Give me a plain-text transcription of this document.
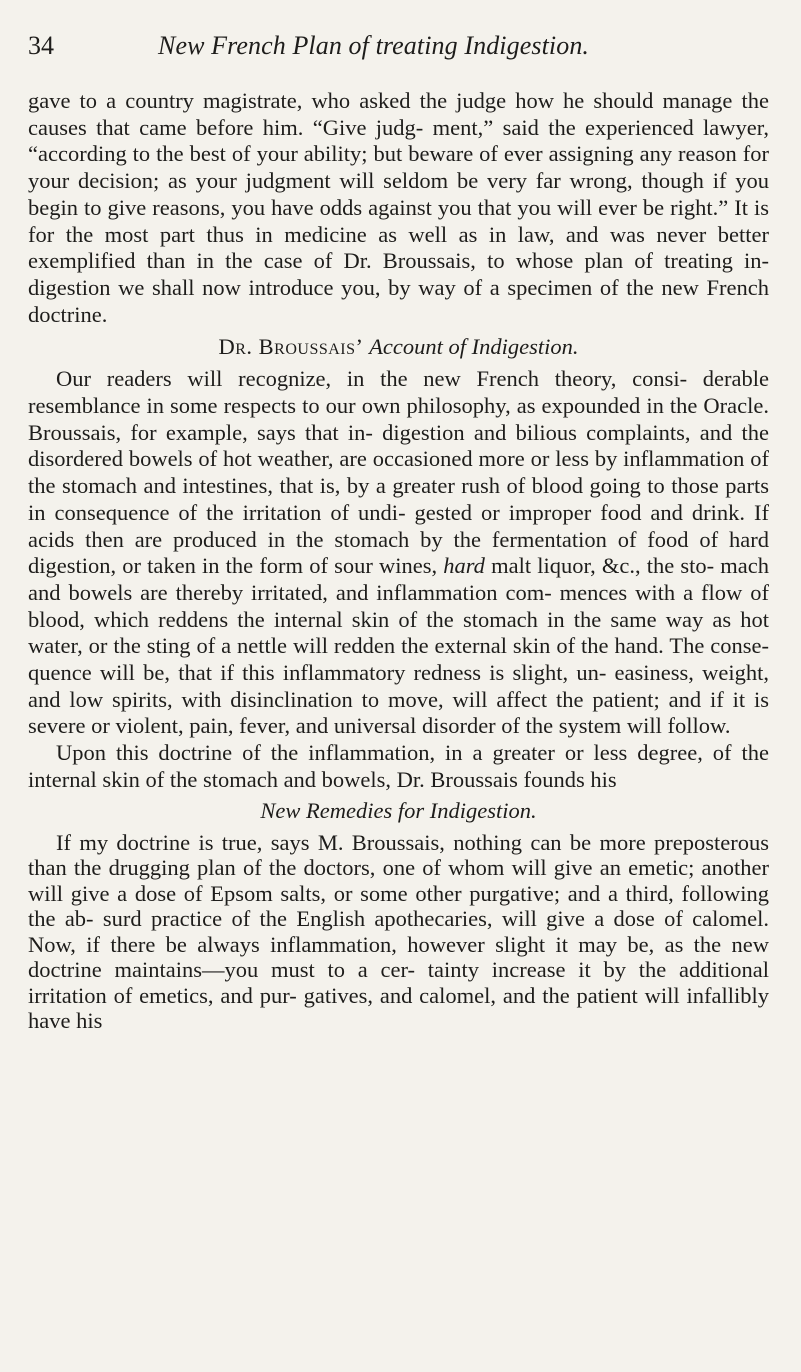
34	New French Plan of treating Indigestion.

gave to a country magistrate, who asked the judge how he should manage the causes that came before him. “Give judg- ment,” said the experienced lawyer, “according to the best of your ability; but beware of ever assigning any reason for your decision; as your judgment will seldom be very far wrong, though if you begin to give reasons, you have odds against you that you will ever be right.” It is for the most part thus in medicine as well as in law, and was never better exemplified than in the case of Dr. Broussais, to whose plan of treating in- digestion we shall now introduce you, by way of a specimen of the new French doctrine.

Dr. Broussais’ Account of Indigestion.

Our readers will recognize, in the new French theory, consi- derable resemblance in some respects to our own philosophy, as expounded in the Oracle. Broussais, for example, says that in- digestion and bilious complaints, and the disordered bowels of hot weather, are occasioned more or less by inflammation of the stomach and intestines, that is, by a greater rush of blood going to those parts in consequence of the irritation of undi- gested or improper food and drink. If acids then are produced in the stomach by the fermentation of food of hard digestion, or taken in the form of sour wines, hard malt liquor, &c., the sto- mach and bowels are thereby irritated, and inflammation com- mences with a flow of blood, which reddens the internal skin of the stomach in the same way as hot water, or the sting of a nettle will redden the external skin of the hand. The conse- quence will be, that if this inflammatory redness is slight, un- easiness, weight, and low spirits, with disinclination to move, will affect the patient; and if it is severe or violent, pain, fever, and universal disorder of the system will follow.

Upon this doctrine of the inflammation, in a greater or less degree, of the internal skin of the stomach and bowels, Dr. Broussais founds his

New Remedies for Indigestion.

If my doctrine is true, says M. Broussais, nothing can be more preposterous than the drugging plan of the doctors, one of whom will give an emetic; another will give a dose of Epsom salts, or some other purgative; and a third, following the ab- surd practice of the English apothecaries, will give a dose of calomel. Now, if there be always inflammation, however slight it may be, as the new doctrine maintains—you must to a cer- tainty increase it by the additional irritation of emetics, and pur- gatives, and calomel, and the patient will infallibly have his
